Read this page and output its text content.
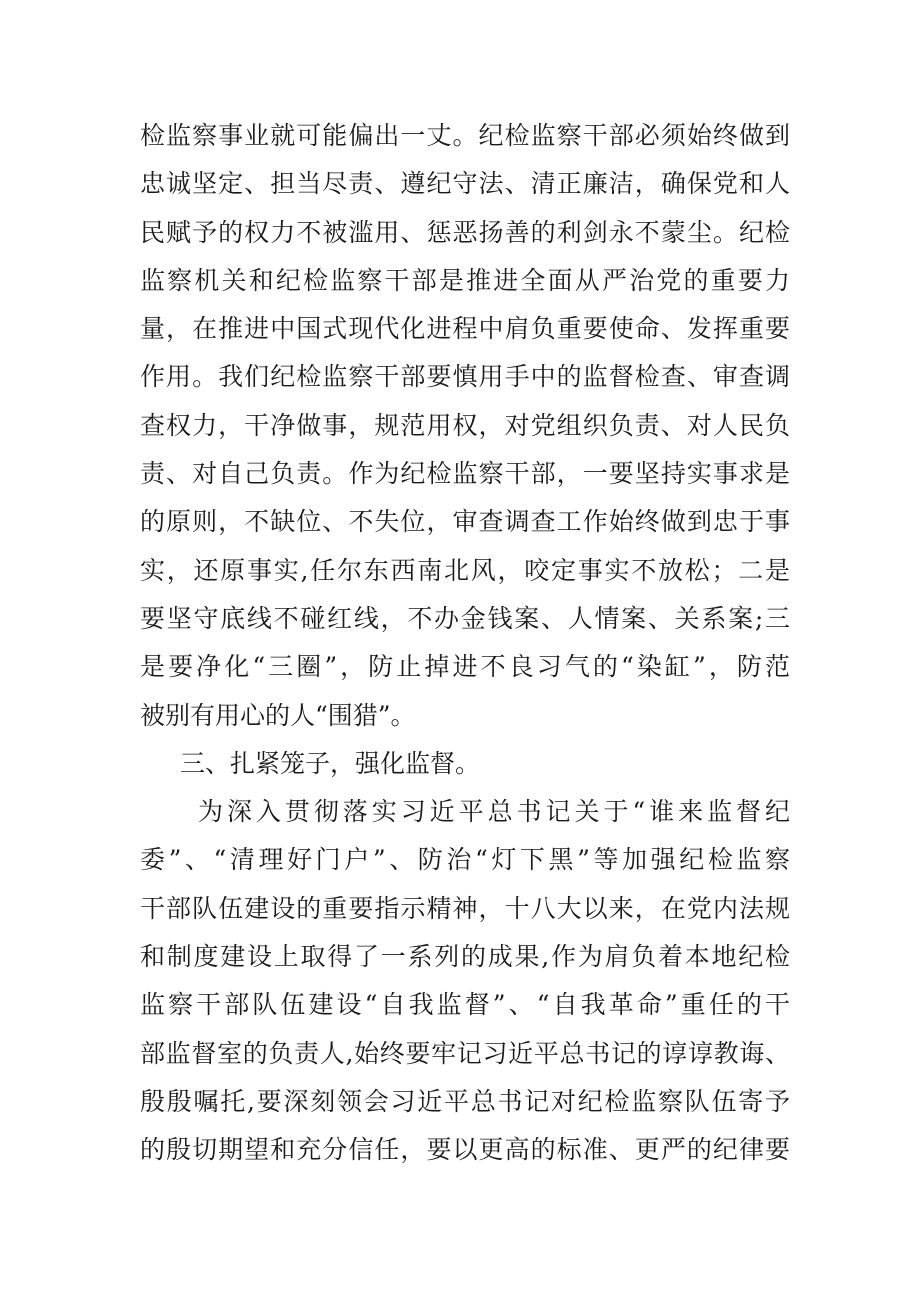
检监察事业就可能偏出一丈。纪检监察干部必须始终做到
忠诚坚定、担当尽责、遵纪守法、清正廉洁，确保党和人
民赋予的权力不被滥用、惩恶扬善的利剑永不蒙尘。纪检
监察机关和纪检监察干部是推进全面从严治党的重要力
量，在推进中国式现代化进程中肩负重要使命、发挥重要
作用。我们纪检监察干部要慎用手中的监督检查、审查调
查权力，干净做事，规范用权，对党组织负责、对人民负
责、对自己负责。作为纪检监察干部，一要坚持实事求是
的原则，不缺位、不失位，审查调查工作始终做到忠于事
实，还原事实,任尔东西南北风，咬定事实不放松；二是
要坚守底线不碰红线，不办金钱案、人情案、关系案;三
是要净化“三圈”，防止掉进不良习气的“染缸”，防范
被别有用心的人“围猎”。
三、扎紧笼子，强化监督。
为深入贯彻落实习近平总书记关于“谁来监督纪
委”、“清理好门户”、防治“灯下黑”等加强纪检监察
干部队伍建设的重要指示精神，十八大以来，在党内法规
和制度建设上取得了一系列的成果,作为肩负着本地纪检
监察干部队伍建设“自我监督”、“自我革命”重任的干
部监督室的负责人,始终要牢记习近平总书记的谆谆教诲、
殷殷嘱托,要深刻领会习近平总书记对纪检监察队伍寄予
的殷切期望和充分信任，要以更高的标准、更严的纪律要
